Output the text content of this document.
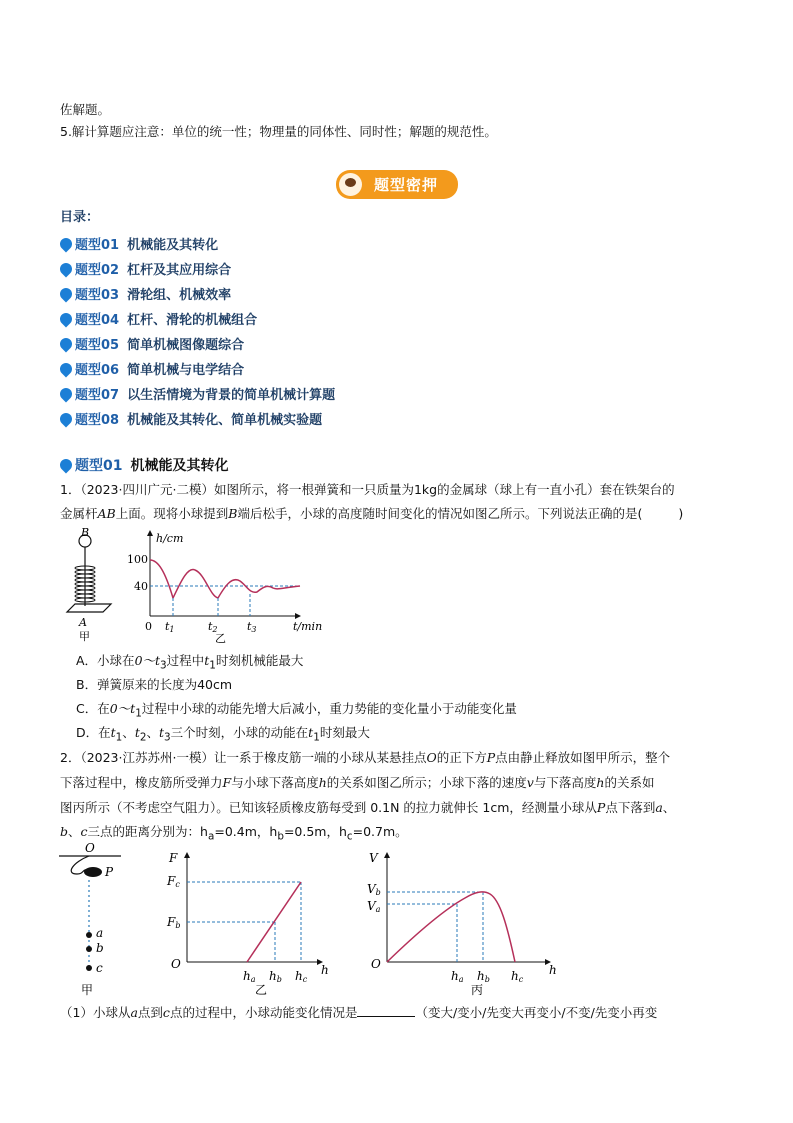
佐解题。
5.解计算题应注意：单位的统一性；物理量的同体性、同时性；解题的规范性。
题型密押
目录：
题型01 机械能及其转化
题型02 杠杆及其应用综合
题型03 滑轮组、机械效率
题型04 杠杆、滑轮的机械组合
题型05 简单机械图像题综合
题型06 简单机械与电学结合
题型07 以生活情境为背景的简单机械计算题
题型08 机械能及其转化、简单机械实验题
题型01 机械能及其转化
1．（2023·四川广元·二模）如图所示，将一根弹簧和一只质量为1kg的金属球（球上有一直小孔）套在铁架台的
金属杆AB上面。现将小球提到B端后松手，小球的高度随时间变化的情况如图乙所示。下列说法正确的是(	)
B
A
甲
h/cm
t/min
100
40
0 t1	t2	t3
乙
A．小球在$0\sim t_3$过程中$t_1$时刻机械能最大
B．弹簧原来的长度为40cm
C．在$0\sim t_1$过程中小球的动能先增大后减小，重力势能的变化量小于动能变化量
D．在$t_1$、$t_2$、$t_3$三个时刻，小球的动能在$t_1$时刻最大
2．（2023·江苏苏州·一模）让一系于橡皮筋一端的小球从某悬挂点O的正下方P点由静止释放如图甲所示，整个
下落过程中，橡皮筋所受弹力F与小球下落高度h的关系如图乙所示；小球下落的速度v与下落高度h的关系如
图丙所示（不考虑空气阻力）。已知该轻质橡皮筋每受到 0.1N 的拉力就伸长 1cm，经测量小球从P点下落到a、
b、c三点的距离分别为：$h_a=0.4m$，$h_b=0.5m$，$h_c=0.7m$。
O
P
a
b
c
甲
F
Fc
Fb
O
ha hb hc
h
乙
V
Vb
Va
O
ha hb hc
h
丙
（1）小球从a点到c点的过程中，小球动能变化情况是	（变大/变小/先变大再变小/不变/先变小再变
